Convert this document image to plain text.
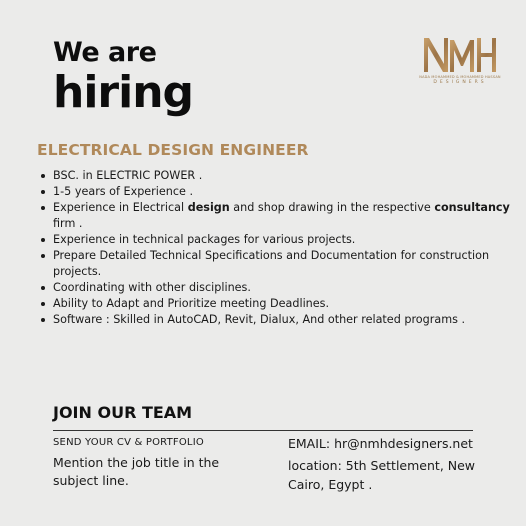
We are
hiring	NADA MOHAMMED & MOHAMMED HASSAN
DESIGNERS
ELECTRICAL DESIGN ENGINEER
BSC. in ELECTRIC POWER .
1-5 years of Experience .
Experience in Electrical design and shop drawing in the respective consultancy firm .
Experience in technical packages for various projects.
Prepare Detailed Technical Specifications and Documentation for construction projects.
Coordinating with other disciplines.
Ability to Adapt and Prioritize meeting Deadlines.
Software : Skilled in AutoCAD, Revit, Dialux, And other related programs .
JOIN OUR TEAM
SEND YOUR CV & PORTFOLIO
Mention the job title in the subject line.
EMAIL: hr@nmhdesigners.net
location: 5th Settlement, New Cairo, Egypt .
